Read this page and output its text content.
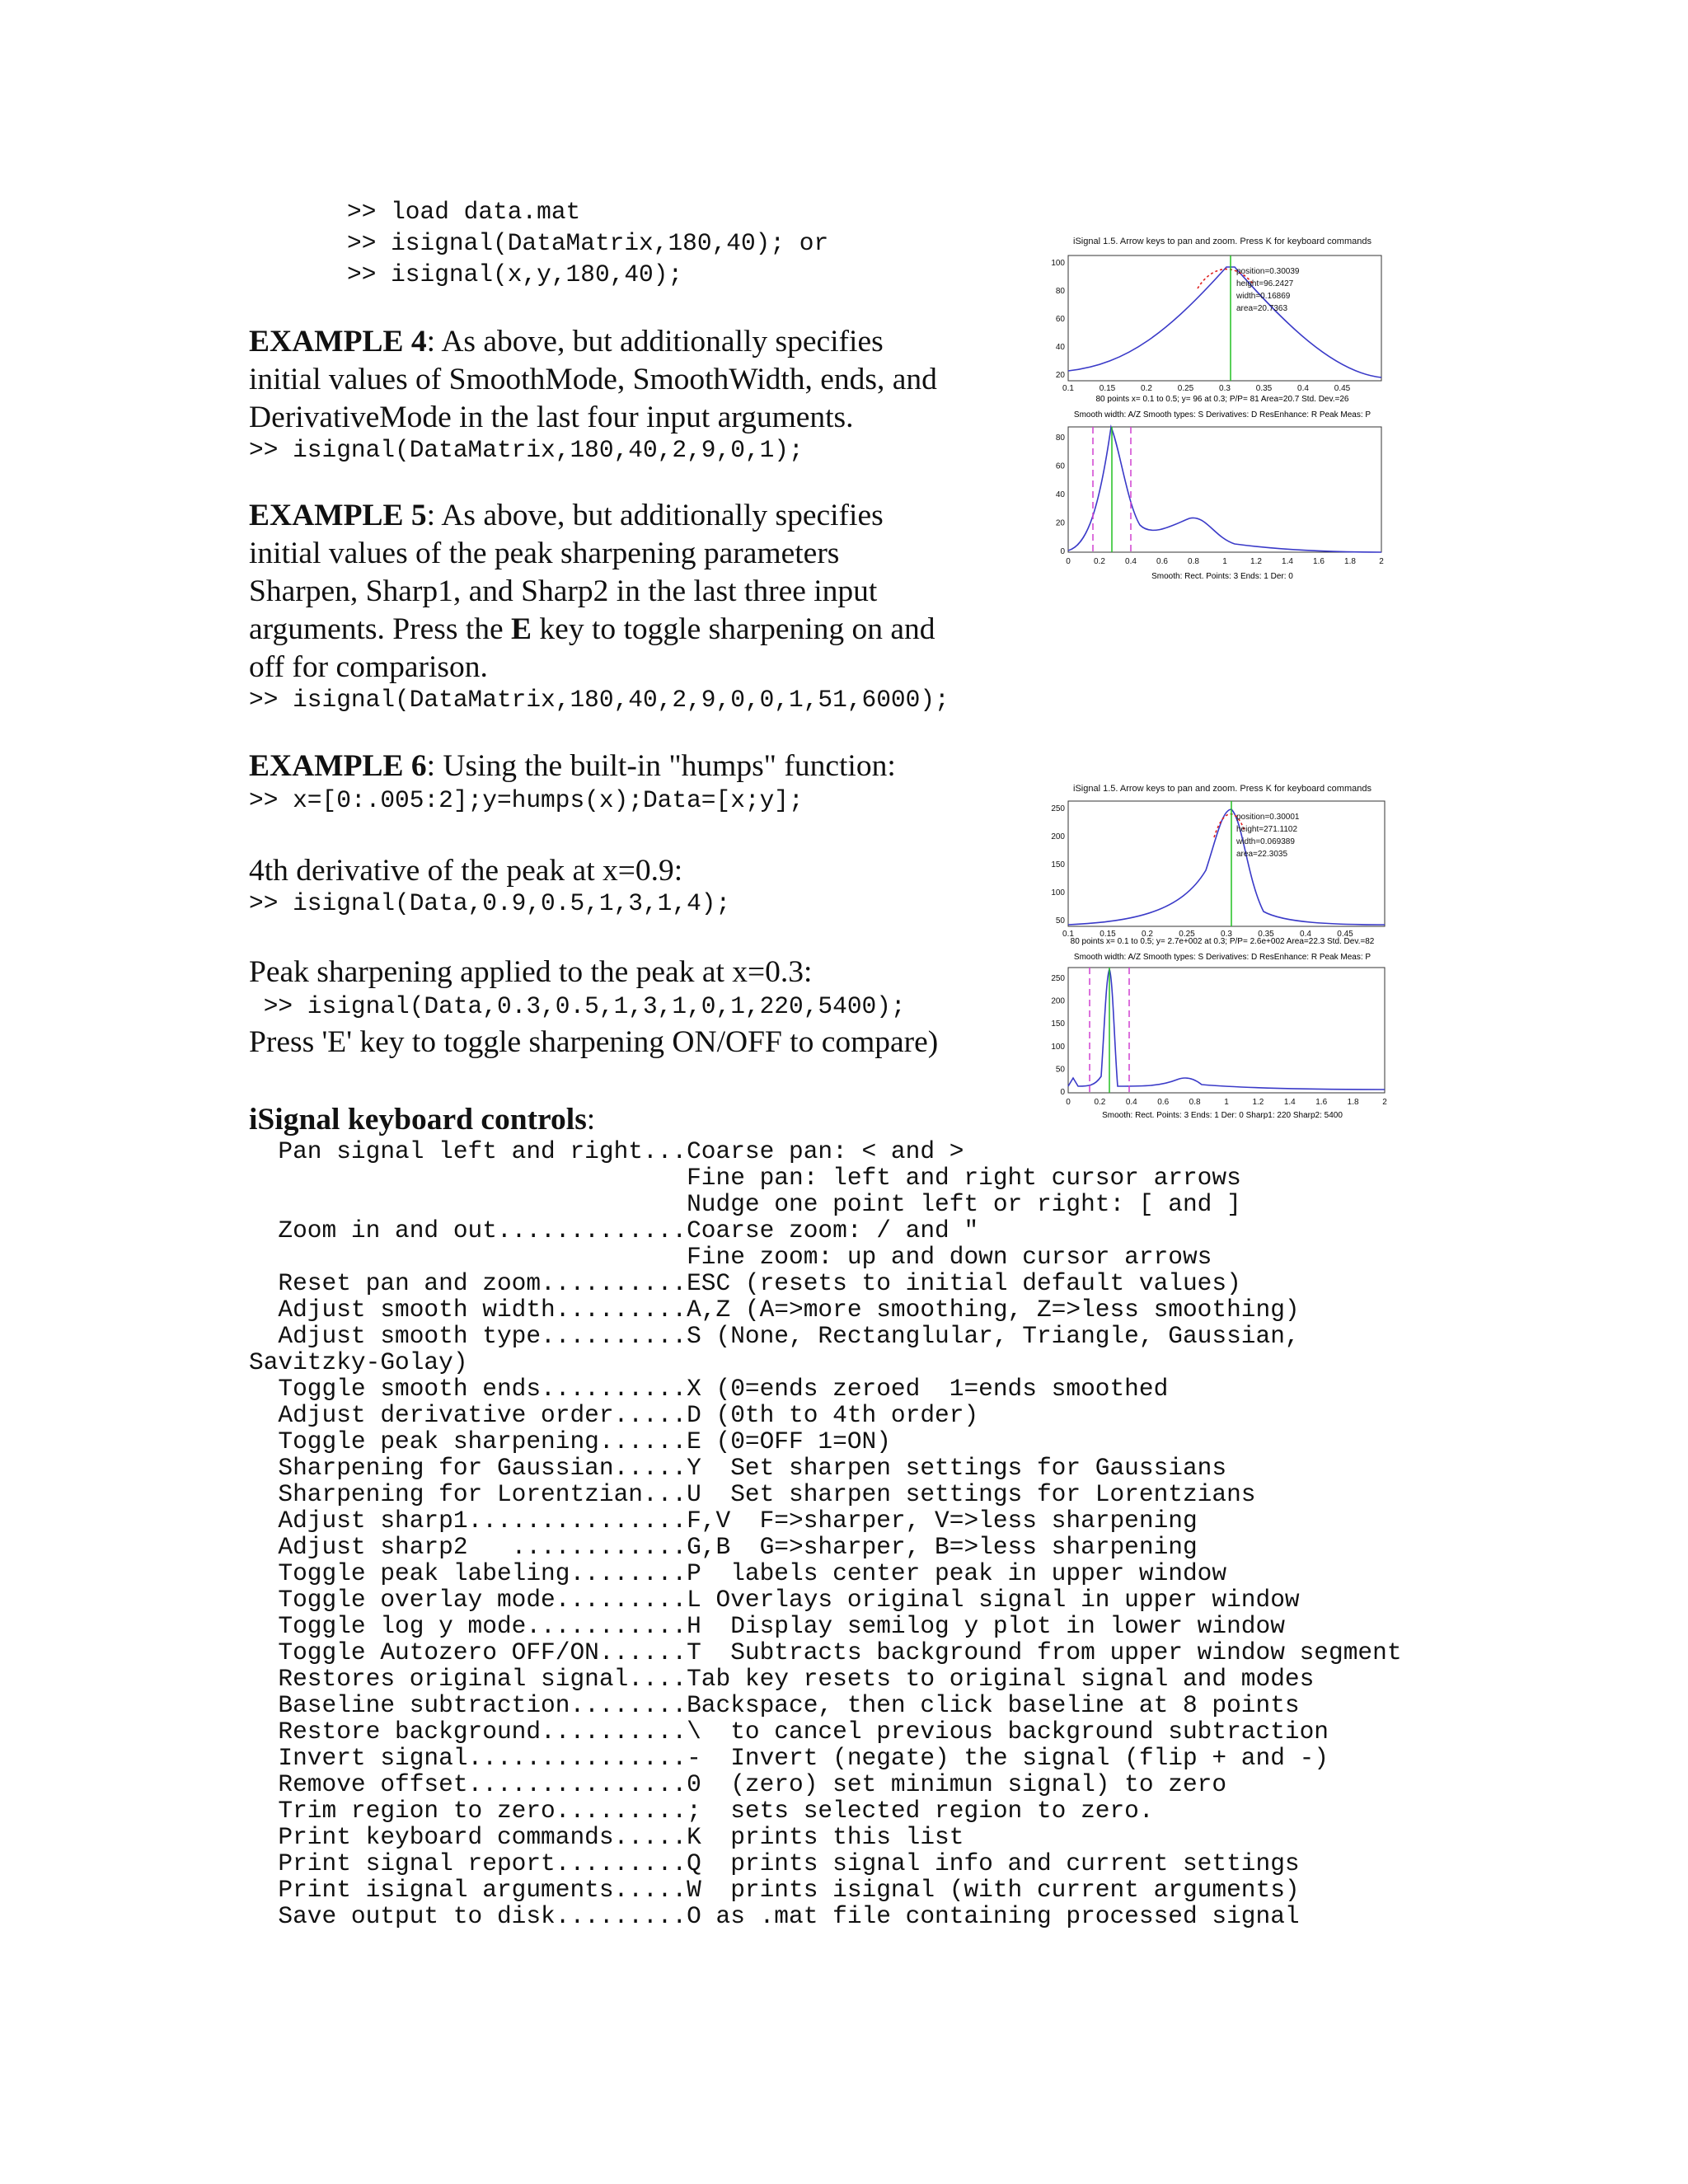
>> load data.mat
>> isignal(DataMatrix,180,40); or
>> isignal(x,y,180,40);

EXAMPLE 4: As above, but additionally specifies

initial values of SmoothMode, SmoothWidth, ends, and

DerivativeMode in the last four input arguments.

>> isignal(DataMatrix,180,40,2,9,0,1);

EXAMPLE 5: As above, but additionally specifies

initial values of the peak sharpening parameters

Sharpen, Sharp1, and Sharp2 in the last three input

arguments. Press the E key to toggle sharpening on and

off for comparison.

>> isignal(DataMatrix,180,40,2,9,0,0,1,51,6000);

EXAMPLE 6: Using the built-in "humps" function:

>> x=[0:.005:2];y=humps(x);Data=[x;y];

4th derivative of the peak at x=0.9:

>> isignal(Data,0.9,0.5,1,3,1,4);

Peak sharpening applied to the peak at x=0.3:

>> isignal(Data,0.3,0.5,1,3,1,0,1,220,5400);

Press 'E' key to toggle sharpening ON/OFF to compare)

iSignal keyboard controls:

Pan signal left and right...Coarse pan: < and >
Fine pan: left and right cursor arrows
Nudge one point left or right: [ and ]
Zoom in and out.............Coarse zoom: / and "
Fine zoom: up and down cursor arrows
Reset pan and zoom..........ESC (resets to initial default values)
Adjust smooth width.........A,Z (A=>more smoothing, Z=>less smoothing)
Adjust smooth type..........S (None, Rectanglular, Triangle, Gaussian,
Savitzky-Golay)
Toggle smooth ends..........X (0=ends zeroed  1=ends smoothed
Adjust derivative order.....D (0th to 4th order)
Toggle peak sharpening......E (0=OFF 1=ON)
Sharpening for Gaussian.....Y  Set sharpen settings for Gaussians
Sharpening for Lorentzian...U  Set sharpen settings for Lorentzians
Adjust sharp1...............F,V  F=>sharper, V=>less sharpening
Adjust sharp2   ............G,B  G=>sharper, B=>less sharpening
Toggle peak labeling........P  labels center peak in upper window
Toggle overlay mode.........L Overlays original signal in upper window
Toggle log y mode...........H  Display semilog y plot in lower window
Toggle Autozero OFF/ON......T  Subtracts background from upper window segment
Restores original signal....Tab key resets to original signal and modes
Baseline subtraction........Backspace, then click baseline at 8 points
Restore background..........\  to cancel previous background subtraction
Invert signal...............-  Invert (negate) the signal (flip + and -)
Remove offset...............0  (zero) set minimun signal) to zero
Trim region to zero.........;  sets selected region to zero.
Print keyboard commands.....K  prints this list
Print signal report.........Q  prints signal info and current settings
Print isignal arguments.....W  prints isignal (with current arguments)
Save output to disk.........O as .mat file containing processed signal
iSignal 1.5. Arrow keys to pan and zoom. Press K for keyboard commands
100
80
60
40
20
0.1	0.15	0.2	0.25	0.3	0.35	0.4	0.45
position=0.30039
height=96.2427
width=0.16869
area=20.7363
80 points x= 0.1 to 0.5; y= 96 at 0.3; P/P= 81 Area=20.7 Std. Dev.=26
Smooth width: A/Z Smooth types: S Derivatives: D ResEnhance: R Peak Meas: P
80
60
40
20
0
0	0.2 0.4 0.6 0.8	1	1.2 1.4 1.6 1.8	2
Smooth: Rect. Points: 3 Ends: 1 Der: 0
iSignal 1.5. Arrow keys to pan and zoom. Press K for keyboard commands
250
200
150
100
50
0.1	0.15	0.2	0.25	0.3	0.35	0.4	0.45
position=0.30001
height=271.1102
width=0.069389
area=22.3035
80 points x= 0.1 to 0.5; y= 2.7e+002 at 0.3; P/P= 2.6e+002 Area=22.3 Std. Dev.=82
Smooth width: A/Z Smooth types: S Derivatives: D ResEnhance: R Peak Meas: P
250
200
150
100
50
0
0	0.2 0.4 0.6 0.8	1	1.2 1.4 1.6 1.8	2
Smooth: Rect. Points: 3 Ends: 1 Der: 0 Sharp1: 220 Sharp2: 5400
